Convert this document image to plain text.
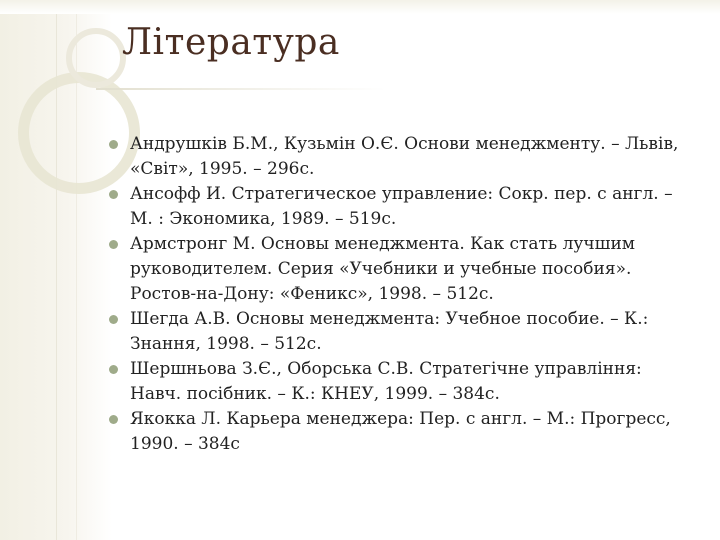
Література
Андрушків Б.М., Кузьмін О.Є. Основи менеджменту. – Львів, «Світ», 1995. – 296с.
Ансофф И. Стратегическое управление: Сокр. пер. с англ. – М. : Экономика, 1989. – 519с.
Армстронг М. Основы менеджмента. Как стать лучшим руководителем. Серия «Учебники и учебные пособия». Ростов-на-Дону: «Феникс», 1998. – 512с.
Шегда А.В. Основы менеджмента: Учебное пособие. – К.: Знання, 1998. – 512с.
Шершньова З.Є., Оборська С.В. Стратегічне управління: Навч. посібник. – К.: КНЕУ, 1999. – 384с.
Якокка Л. Карьера менеджера: Пер. с англ. – М.: Прогресс, 1990. – 384с
